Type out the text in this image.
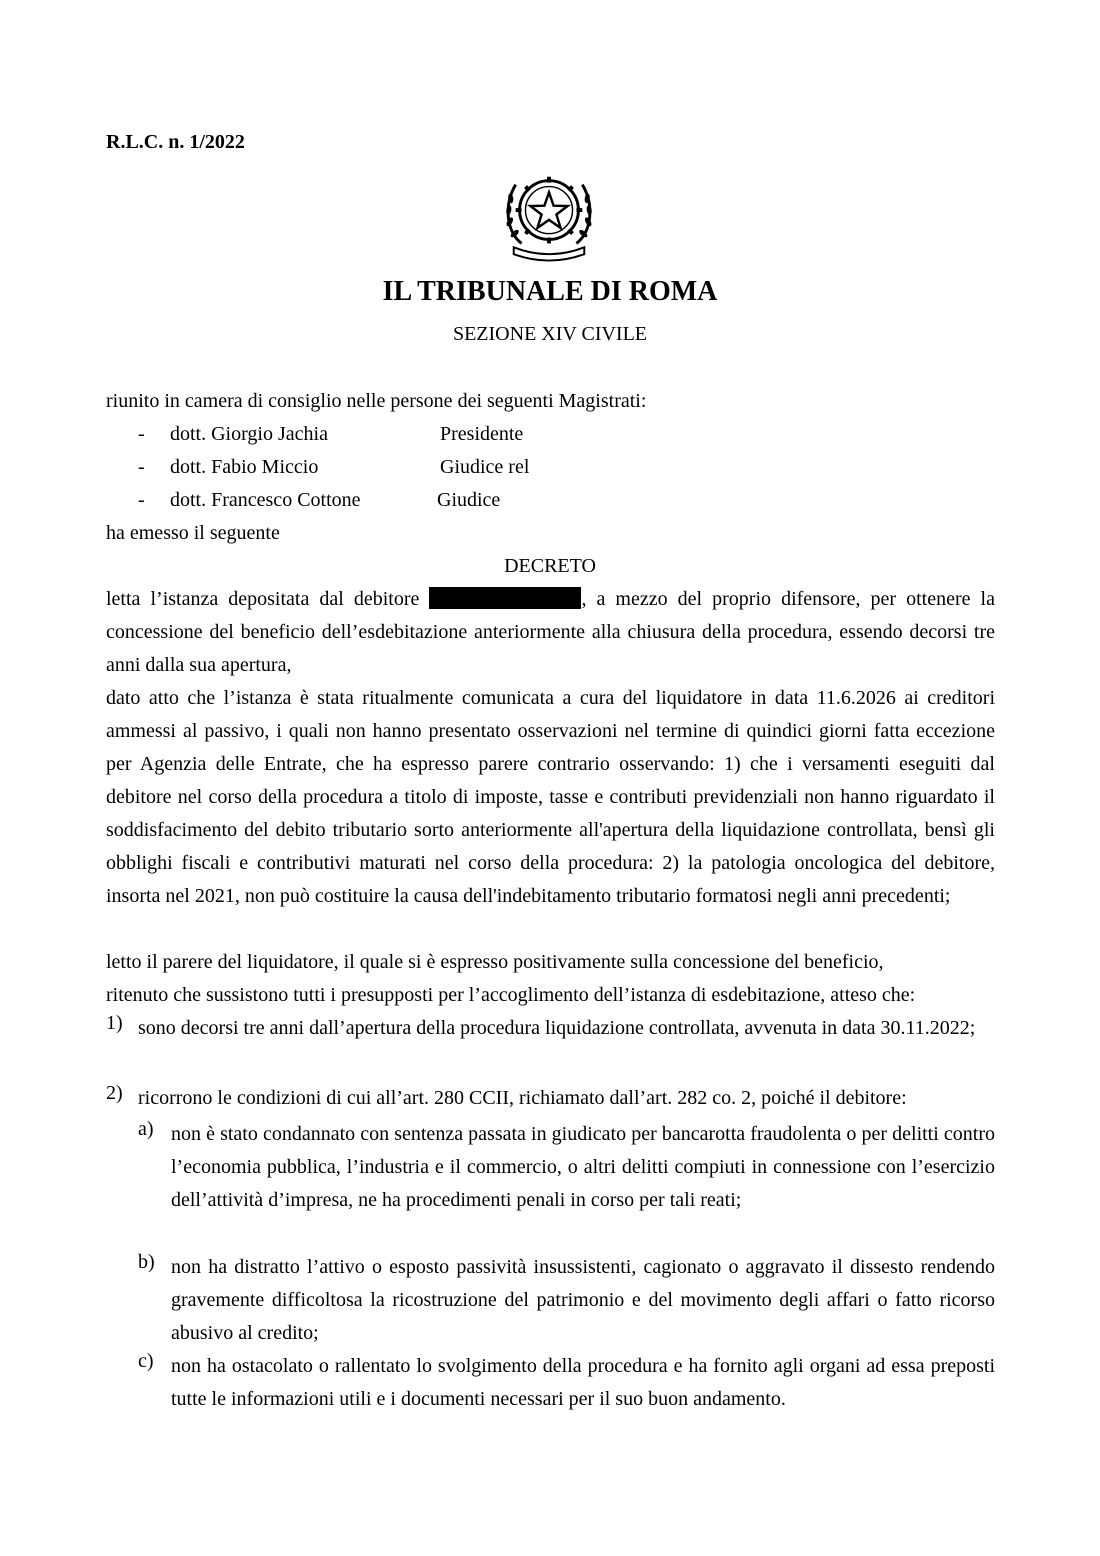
R.L.C. n. 1/2022
IL TRIBUNALE DI ROMA
SEZIONE XIV CIVILE
riunito in camera di consiglio nelle persone dei seguenti Magistrati:
- dott. Giorgio Jachia	Presidente
- dott. Fabio Miccio	Giudice rel
- dott. Francesco Cottone	Giudice
ha emesso il seguente
DECRETO
letta l’istanza depositata dal debitore	, a mezzo del proprio difensore, per ottenere la concessione del beneficio dell’esdebitazione anteriormente alla chiusura della procedura, essendo decorsi tre anni dalla sua apertura,
dato atto che l’istanza è stata ritualmente comunicata a cura del liquidatore in data 11.6.2026 ai creditori ammessi al passivo, i quali non hanno presentato osservazioni nel termine di quindici giorni fatta eccezione per Agenzia delle Entrate, che ha espresso parere contrario osservando: 1) che i versamenti eseguiti dal debitore nel corso della procedura a titolo di imposte, tasse e contributi previdenziali non hanno riguardato il soddisfacimento del debito tributario sorto anteriormente all'apertura della liquidazione controllata, bensì gli obblighi fiscali e contributivi maturati nel corso della procedura: 2) la patologia oncologica del debitore, insorta nel 2021, non può costituire la causa dell'indebitamento tributario formatosi negli anni precedenti;
letto il parere del liquidatore, il quale si è espresso positivamente sulla concessione del beneficio,
ritenuto che sussistono tutti i presupposti per l’accoglimento dell’istanza di esdebitazione, atteso che:
1) sono decorsi tre anni dall’apertura della procedura liquidazione controllata, avvenuta in data 30.11.2022;
2) ricorrono le condizioni di cui all’art. 280 CCII, richiamato dall’art. 282 co. 2, poiché il debitore:
a) non è stato condannato con sentenza passata in giudicato per bancarotta fraudolenta o per delitti contro l’economia pubblica, l’industria e il commercio, o altri delitti compiuti in connessione con l’esercizio dell’attività d’impresa, ne ha procedimenti penali in corso per tali reati;
b) non ha distratto l’attivo o esposto passività insussistenti, cagionato o aggravato il dissesto rendendo gravemente difficoltosa la ricostruzione del patrimonio e del movimento degli affari o fatto ricorso abusivo al credito;
c) non ha ostacolato o rallentato lo svolgimento della procedura e ha fornito agli organi ad essa preposti tutte le informazioni utili e i documenti necessari per il suo buon andamento.
